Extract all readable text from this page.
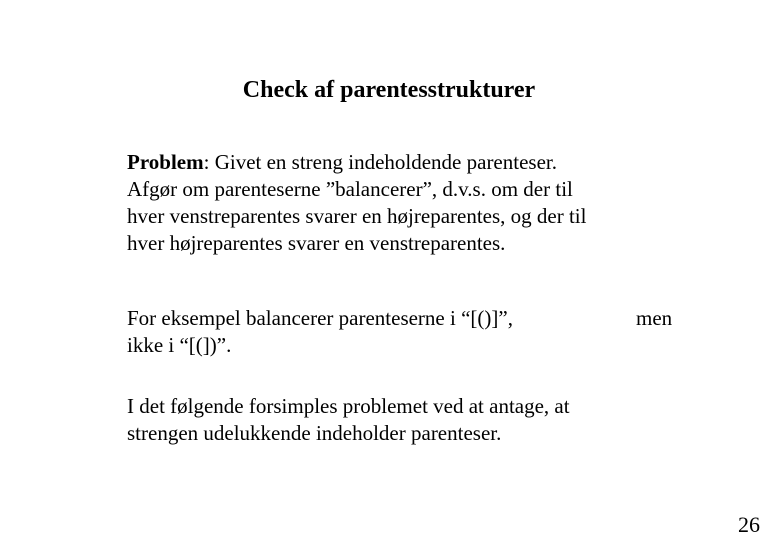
Check af parentesstrukturer
Problem: Givet en streng indeholdende parenteser.
Afgør om parenteserne ”balancerer”, d.v.s. om der til
hver venstreparentes svarer en højreparentes, og der til
hver højreparentes svarer en venstreparentes.
For eksempel balancerer parenteserne i “[()]”,
ikke i “[(])”.
men
I det følgende forsimples problemet ved at antage, at
strengen udelukkende indeholder parenteser.
26
